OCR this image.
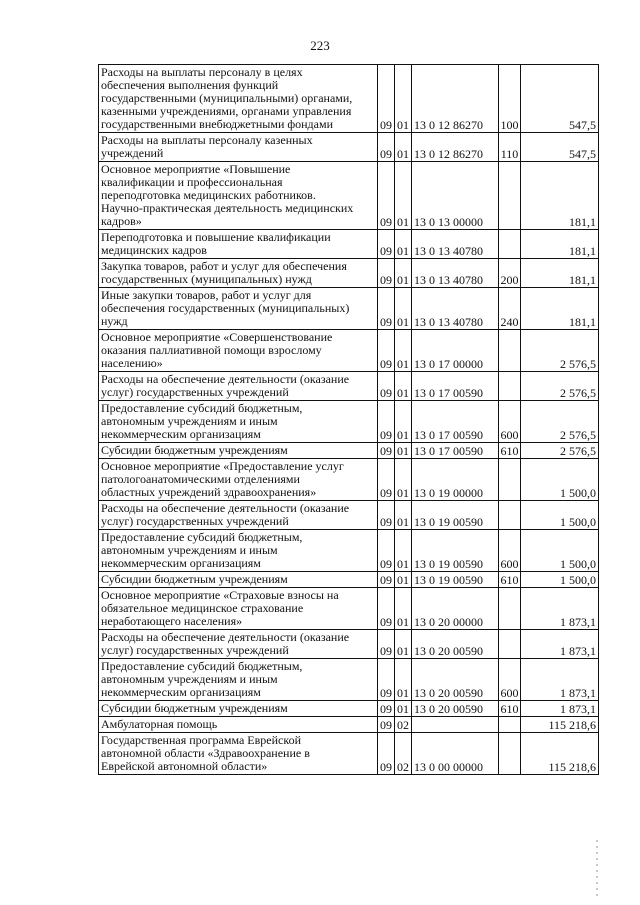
223
Расходы на выплаты персоналу в целях
обеспечения выполнения функций
государственными (муниципальными) органами,
казенными учреждениями, органами управления
государственными внебюджетными фондами	09	01	13 0 12 86270	100	547,5
Расходы на выплаты персоналу казенных
учреждений	09	01	13 0 12 86270	110	547,5
Основное мероприятие «Повышение
квалификации и профессиональная
переподготовка медицинских работников.
Научно-практическая деятельность медицинских
кадров»	09	01	13 0 13 00000		181,1
Переподготовка и повышение квалификации
медицинских кадров	09	01	13 0 13 40780		181,1
Закупка товаров, работ и услуг для обеспечения
государственных (муниципальных) нужд	09	01	13 0 13 40780	200	181,1
Иные закупки товаров, работ и услуг для
обеспечения государственных (муниципальных)
нужд	09	01	13 0 13 40780	240	181,1
Основное мероприятие «Совершенствование
оказания паллиативной помощи взрослому
населению»	09	01	13 0 17 00000		2 576,5
Расходы на обеспечение деятельности (оказание
услуг) государственных учреждений	09	01	13 0 17 00590		2 576,5
Предоставление субсидий бюджетным,
автономным учреждениям и иным
некоммерческим организациям	09	01	13 0 17 00590	600	2 576,5
Субсидии бюджетным учреждениям	09	01	13 0 17 00590	610	2 576,5
Основное мероприятие «Предоставление услуг
патологоанатомическими отделениями
областных учреждений здравоохранения»	09	01	13 0 19 00000		1 500,0
Расходы на обеспечение деятельности (оказание
услуг) государственных учреждений	09	01	13 0 19 00590		1 500,0
Предоставление субсидий бюджетным,
автономным учреждениям и иным
некоммерческим организациям	09	01	13 0 19 00590	600	1 500,0
Субсидии бюджетным учреждениям	09	01	13 0 19 00590	610	1 500,0
Основное мероприятие «Страховые взносы на
обязательное медицинское страхование
неработающего населения»	09	01	13 0 20 00000		1 873,1
Расходы на обеспечение деятельности (оказание
услуг) государственных учреждений	09	01	13 0 20 00590		1 873,1
Предоставление субсидий бюджетным,
автономным учреждениям и иным
некоммерческим организациям	09	01	13 0 20 00590	600	1 873,1
Субсидии бюджетным учреждениям	09	01	13 0 20 00590	610	1 873,1
Амбулаторная помощь	09	02			115 218,6
Государственная программа Еврейской
автономной области «Здравоохранение в
Еврейской автономной области»	09	02	13 0 00 00000		115 218,6
